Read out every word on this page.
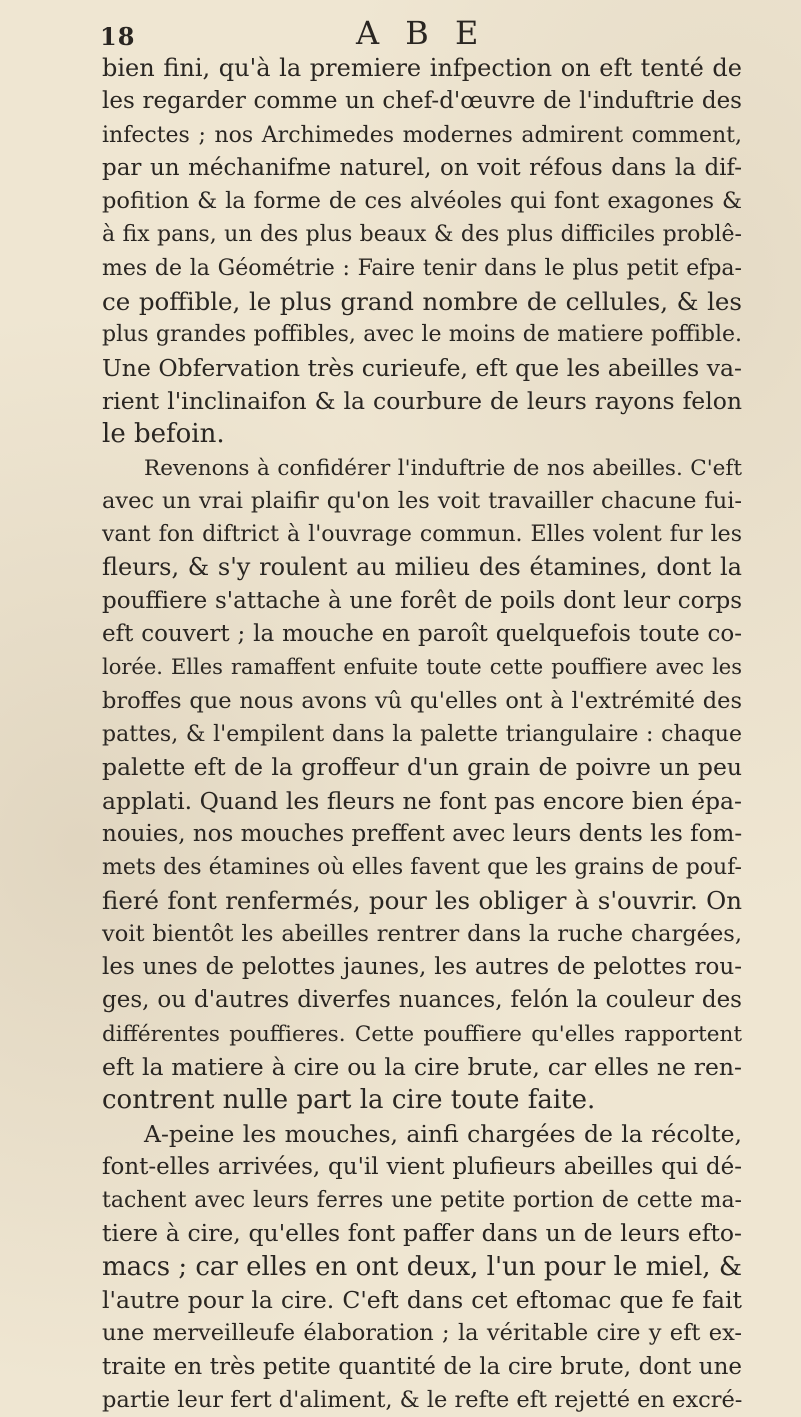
18	A B E
bien fini, qu'à la premiere infpection on eft tenté de
les regarder comme un chef-d'œuvre de l'induftrie des
infectes ; nos Archimedes modernes admirent comment,
par un méchanifme naturel, on voit réfous dans la dif-
pofition & la forme de ces alvéoles qui font exagones &
à fix pans, un des plus beaux & des plus difficiles problê-
mes de la Géométrie : Faire tenir dans le plus petit efpa-
ce poffible, le plus grand nombre de cellules, & les
plus grandes poffibles, avec le moins de matiere poffible.
Une Obfervation très curieufe, eft que les abeilles va-
rient l'inclinaifon & la courbure de leurs rayons felon
le befoin.
Revenons à confidérer l'induftrie de nos abeilles. C'eft
avec un vrai plaifir qu'on les voit travailler chacune fui-
vant fon diftrict à l'ouvrage commun. Elles volent fur les
fleurs, & s'y roulent au milieu des étamines, dont la
pouffiere s'attache à une forêt de poils dont leur corps
eft couvert ; la mouche en paroît quelquefois toute co-
lorée. Elles ramaffent enfuite toute cette pouffiere avec les
broffes que nous avons vû qu'elles ont à l'extrémité des
pattes, & l'empilent dans la palette triangulaire : chaque
palette eft de la groffeur d'un grain de poivre un peu
applati. Quand les fleurs ne font pas encore bien épa-
nouies, nos mouches preffent avec leurs dents les fom-
mets des étamines où elles favent que les grains de pouf-
fieré font renfermés, pour les obliger à s'ouvrir. On
voit bientôt les abeilles rentrer dans la ruche chargées,
les unes de pelottes jaunes, les autres de pelottes rou-
ges, ou d'autres diverfes nuances, felón la couleur des
différentes pouffieres. Cette pouffiere qu'elles rapportent
eft la matiere à cire ou la cire brute, car elles ne ren-
contrent nulle part la cire toute faite.
A-peine les mouches, ainfi chargées de la récolte,
font-elles arrivées, qu'il vient plufieurs abeilles qui dé-
tachent avec leurs ferres une petite portion de cette ma-
tiere à cire, qu'elles font paffer dans un de leurs efto-
macs ; car elles en ont deux, l'un pour le miel, &
l'autre pour la cire. C'eft dans cet eftomac que fe fait
une merveilleufe élaboration ; la véritable cire y eft ex-
traite en très petite quantité de la cire brute, dont une
partie leur fert d'aliment, & le refte eft rejetté en excré-
